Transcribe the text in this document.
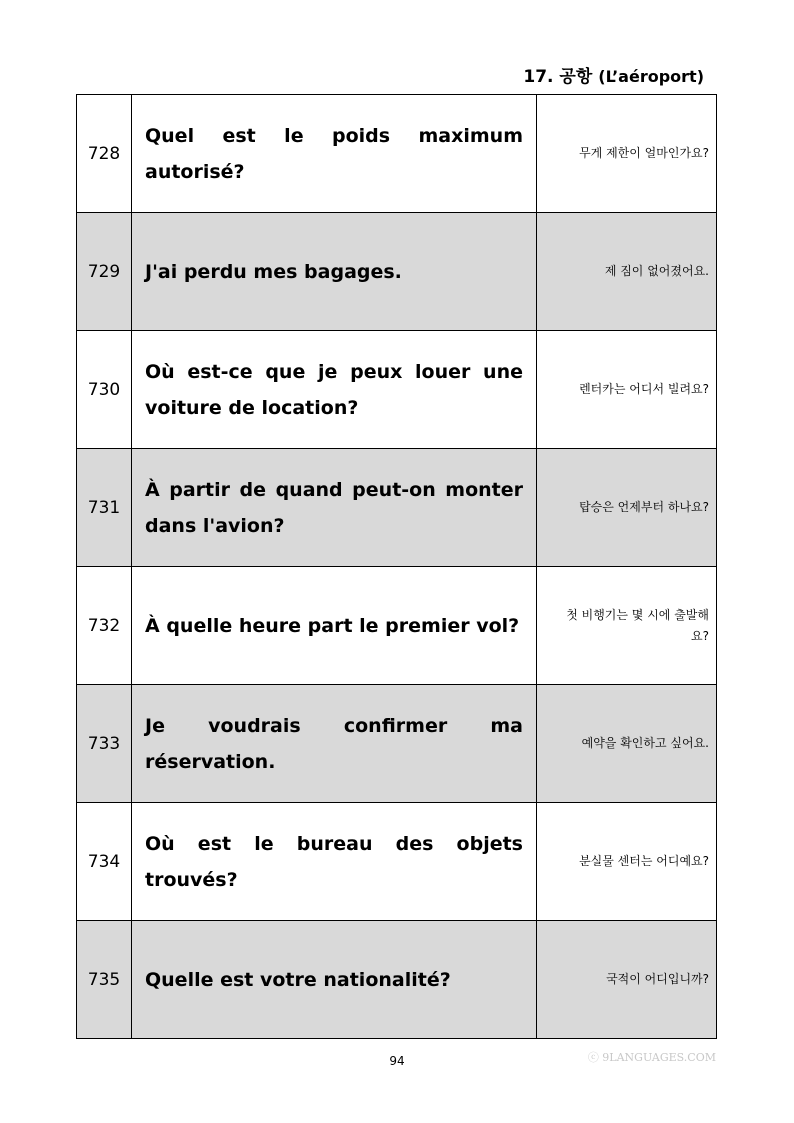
17. 공항 (L’aéroport)
728	Quel est le poids maximum autorisé?	무게 제한이 얼마인가요?
729	J'ai perdu mes bagages.	제 짐이 없어졌어요.
730	Où est-ce que je peux louer une voiture de location?	렌터카는 어디서 빌려요?
731	À partir de quand peut-on monter dans l'avion?	탑승은 언제부터 하나요?
732	À quelle heure part le premier vol?	첫 비행기는 몇 시에 출발해요?
733	Je voudrais confirmer ma réservation.	예약을 확인하고 싶어요.
734	Où est le bureau des objets trouvés?	분실물 센터는 어디예요?
735	Quelle est votre nationalité?	국적이 어디입니까?
94	ⓒ 9LANGUAGES.COM
